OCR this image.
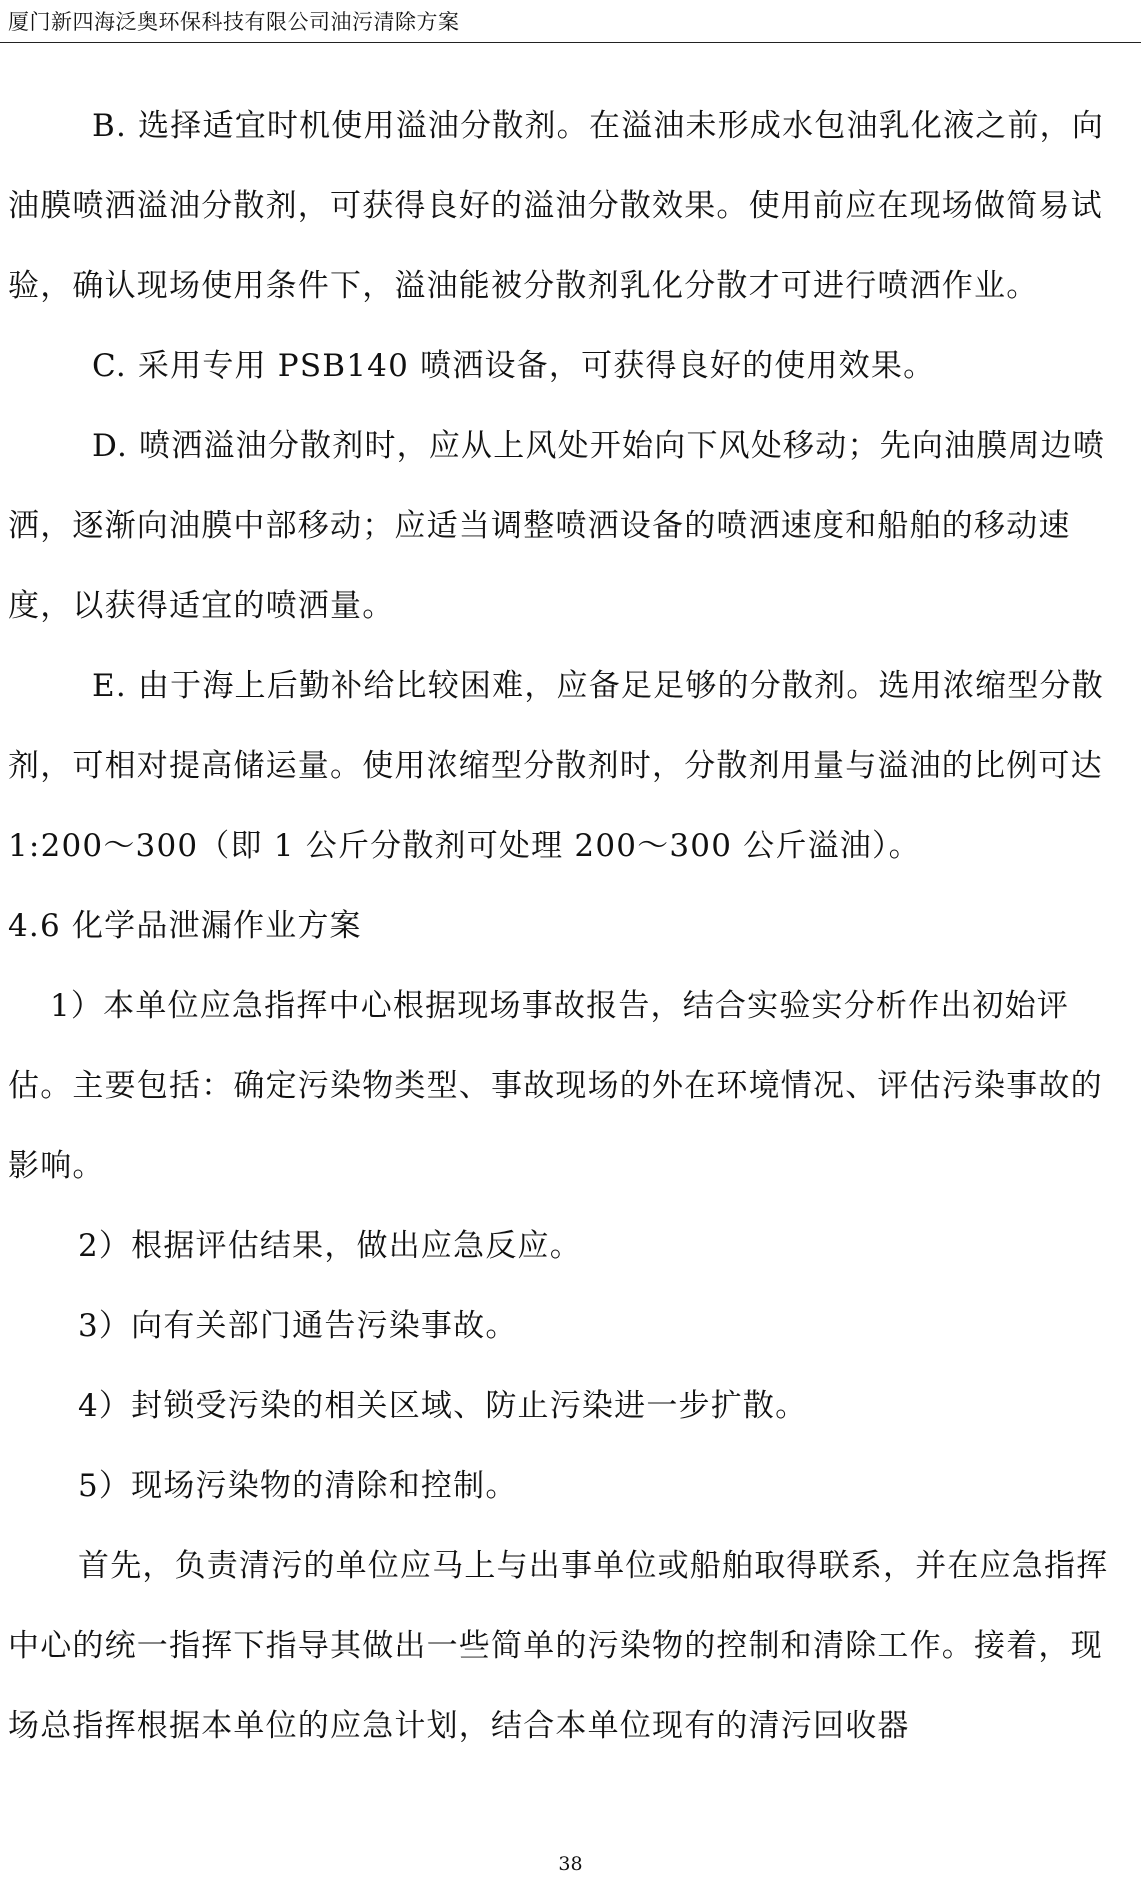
厦门新四海泛奥环保科技有限公司油污清除方案

B. 选择适宜时机使用溢油分散剂。在溢油未形成水包油乳化液之前，向油膜喷洒溢油分散剂，可获得良好的溢油分散效果。使用前应在现场做简易试验，确认现场使用条件下，溢油能被分散剂乳化分散才可进行喷洒作业。

C. 采用专用 PSB140 喷洒设备，可获得良好的使用效果。

D. 喷洒溢油分散剂时，应从上风处开始向下风处移动；先向油膜周边喷洒，逐渐向油膜中部移动；应适当调整喷洒设备的喷洒速度和船舶的移动速度，以获得适宜的喷洒量。

E. 由于海上后勤补给比较困难，应备足足够的分散剂。选用浓缩型分散剂，可相对提高储运量。使用浓缩型分散剂时，分散剂用量与溢油的比例可达 1:200～300（即 1 公斤分散剂可处理 200～300 公斤溢油）。

4.6 化学品泄漏作业方案

1）本单位应急指挥中心根据现场事故报告，结合实验实分析作出初始评估。主要包括：确定污染物类型、事故现场的外在环境情况、评估污染事故的影响。

2）根据评估结果，做出应急反应。

3）向有关部门通告污染事故。

4）封锁受污染的相关区域、防止污染进一步扩散。

5）现场污染物的清除和控制。

首先，负责清污的单位应马上与出事单位或船舶取得联系，并在应急指挥中心的统一指挥下指导其做出一些简单的污染物的控制和清除工作。接着，现场总指挥根据本单位的应急计划，结合本单位现有的清污回收器

38
